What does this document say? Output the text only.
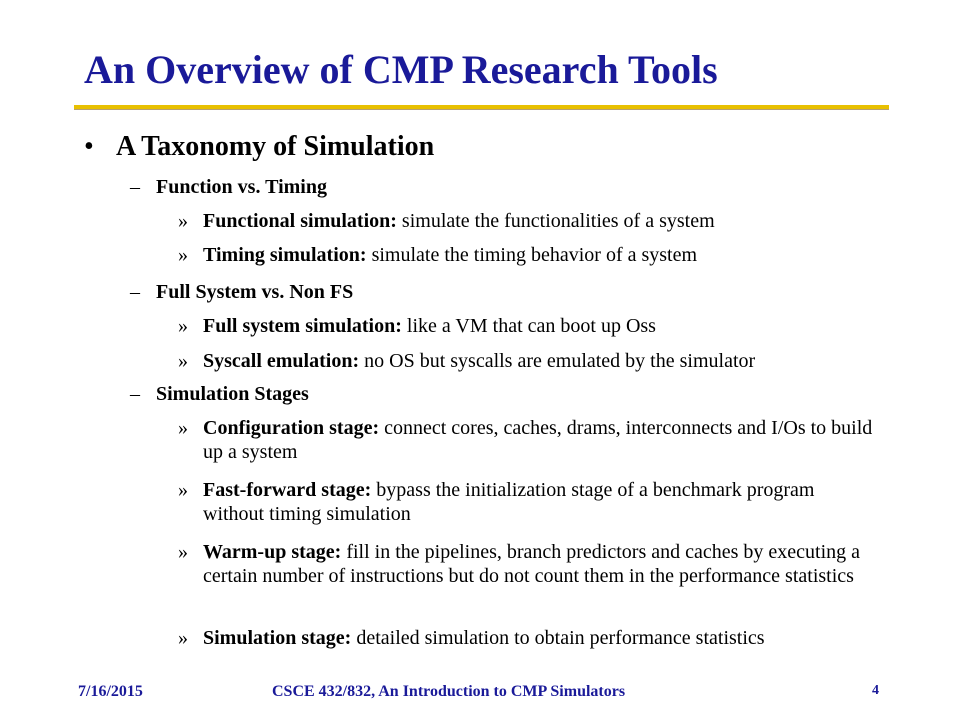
An Overview of CMP Research Tools
• A Taxonomy of Simulation
– Function vs. Timing
» Functional simulation: simulate the functionalities of a system
» Timing simulation: simulate the timing behavior of a system
– Full System vs. Non FS
» Full system simulation: like a VM that can boot up Oss
» Syscall emulation: no OS but syscalls are emulated by the simulator
– Simulation Stages
» Configuration stage: connect cores, caches, drams, interconnects and I/Os to build up a system
» Fast-forward stage: bypass the initialization stage of a benchmark program without timing simulation
» Warm-up stage: fill in the pipelines, branch predictors and caches by executing a certain number of instructions but do not count them in the performance statistics
» Simulation stage: detailed simulation to obtain performance statistics
7/16/2015	CSCE 432/832, An Introduction to CMP Simulators	4
